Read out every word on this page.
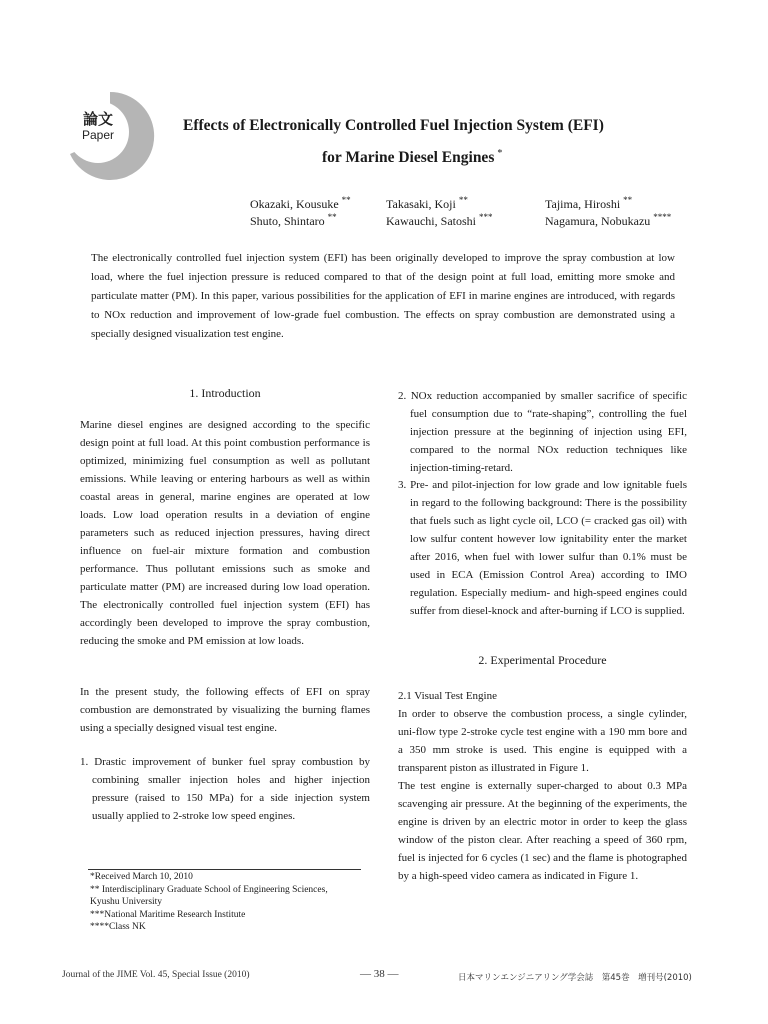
論文
Paper
Effects of Electronically Controlled Fuel Injection System (EFI)
for Marine Diesel Engines *
Okazaki, Kousuke **	Takasaki, Koji **	Tajima, Hiroshi **
Shuto, Shintaro **	Kawauchi, Satoshi ***	Nagamura, Nobukazu ****
The electronically controlled fuel injection system (EFI) has been originally developed to improve the spray combustion at low load, where the fuel injection pressure is reduced compared to that of the design point at full load, emitting more smoke and particulate matter (PM). In this paper, various possibilities for the application of EFI in marine engines are introduced, with regards to NOx reduction and improvement of low-grade fuel combustion. The effects on spray combustion are demonstrated using a specially designed visualization test engine.
1. Introduction

Marine diesel engines are designed according to the specific design point at full load. At this point combustion performance is optimized, minimizing fuel consumption as well as pollutant emissions. While leaving or entering harbours as well as within coastal areas in general, marine engines are operated at low loads. Low load operation results in a deviation of engine parameters such as reduced injection pressures, having direct influence on fuel-air mixture formation and combustion performance. Thus pollutant emissions such as smoke and particulate matter (PM) are increased during low load operation. The electronically controlled fuel injection system (EFI) has accordingly been developed to improve the spray combustion, reducing the smoke and PM emission at low loads.

In the present study, the following effects of EFI on spray combustion are demonstrated by visualizing the burning flames using a specially designed visual test engine.

1. Drastic improvement of bunker fuel spray combustion by combining smaller injection holes and higher injection pressure (raised to 150 MPa) for a side injection system usually applied to 2-stroke low speed engines.

*Received March 10, 2010
** Interdisciplinary Graduate School of Engineering Sciences,
Kyushu University
***National Maritime Research Institute
****Class NK

2. NOx reduction accompanied by smaller sacrifice of specific fuel consumption due to “rate-shaping”, controlling the fuel injection pressure at the beginning of injection using EFI, compared to the normal NOx reduction techniques like injection-timing-retard.

3. Pre- and pilot-injection for low grade and low ignitable fuels in regard to the following background: There is the possibility that fuels such as light cycle oil, LCO (= cracked gas oil) with low sulfur content however low ignitability enter the market after 2016, when fuel with lower sulfur than 0.1% must be used in ECA (Emission Control Area) according to IMO regulation. Especially medium- and high-speed engines could suffer from diesel-knock and after-burning if LCO is supplied.

2. Experimental Procedure

2.1 Visual Test Engine

In order to observe the combustion process, a single cylinder, uni-flow type 2-stroke cycle test engine with a 190 mm bore and a 350 mm stroke is used. This engine is equipped with a transparent piston as illustrated in Figure 1.

The test engine is externally super-charged to about 0.3 MPa scavenging air pressure. At the beginning of the experiments, the engine is driven by an electric motor in order to keep the glass window of the piston clear. After reaching a speed of 360 rpm, fuel is injected for 6 cycles (1 sec) and the flame is photographed by a high-speed video camera as indicated in Figure 1.

Journal of the JIME Vol. 45, Special Issue (2010)	— 38 —	日本マリンエンジニアリング学会誌　第45巻　増刊号(2010)
